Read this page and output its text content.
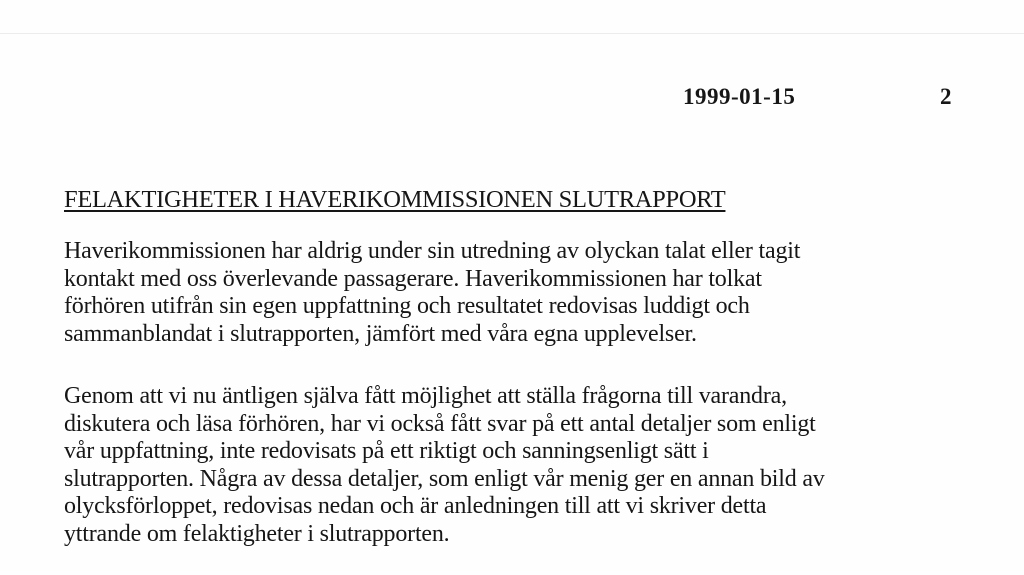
1999-01-15	2
FELAKTIGHETER I HAVERIKOMMISSIONEN SLUTRAPPORT

Haverikommissionen har aldrig under sin utredning av olyckan talat eller tagit
kontakt med oss överlevande passagerare. Haverikommissionen har tolkat
förhören utifrån sin egen uppfattning och resultatet redovisas luddigt och
sammanblandat i slutrapporten, jämfört med våra egna upplevelser.

Genom att vi nu äntligen själva fått möjlighet att ställa frågorna till varandra,
diskutera och läsa förhören, har vi också fått svar på ett antal detaljer som enligt
vår uppfattning, inte redovisats på ett riktigt och sanningsenligt sätt i
slutrapporten. Några av dessa detaljer, som enligt vår menig ger en annan bild av
olycksförloppet, redovisas nedan och är anledningen till att vi skriver detta
yttrande om felaktigheter i slutrapporten.
